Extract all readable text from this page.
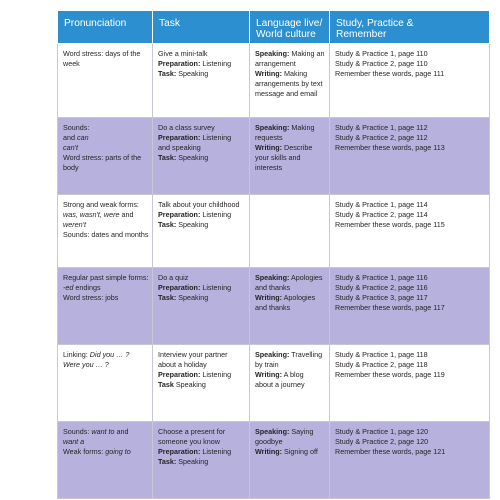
Pronunciation	Task	Language live/
World culture	Study, Practice &
Remember

Word stress: days of the
week	Give a mini-talk
Preparation: Listening
Task: Speaking	Speaking: Making an
arrangement
Writing: Making
arrangements by text
message and email	Study & Practice 1, page 110
Study & Practice 2, page 110
Remember these words, page 111

Sounds:
and can
can't
Word stress: parts of the
body	Do a class survey
Preparation: Listening
and speaking
Task: Speaking	Speaking: Making
requests
Writing: Describe
your skills and
interests	Study & Practice 1, page 112
Study & Practice 2, page 112
Remember these words, page 113

Strong and weak forms:
was, wasn't, were and
weren't
Sounds: dates and months	Talk about your childhood
Preparation: Listening
Task: Speaking		Study & Practice 1, page 114
Study & Practice 2, page 114
Remember these words, page 115

Regular past simple forms:
-ed endings
Word stress: jobs	Do a quiz
Preparation: Listening
Task: Speaking	Speaking: Apologies
and thanks
Writing: Apologies
and thanks	Study & Practice 1, page 116
Study & Practice 2, page 116
Study & Practice 3, page 117
Remember these words, page 117

Linking: Did you … ?
Were you … ?	Interview your partner
about a holiday
Preparation: Listening
Task Speaking	Speaking: Travelling
by train
Writing: A blog
about a journey	Study & Practice 1, page 118
Study & Practice 2, page 118
Remember these words, page 119

Sounds: want to and
want a
Weak forms: going to	Choose a present for
someone you know
Preparation: Listening
Task: Speaking	Speaking: Saying
goodbye
Writing: Signing off	Study & Practice 1, page 120
Study & Practice 2, page 120
Remember these words, page 121
